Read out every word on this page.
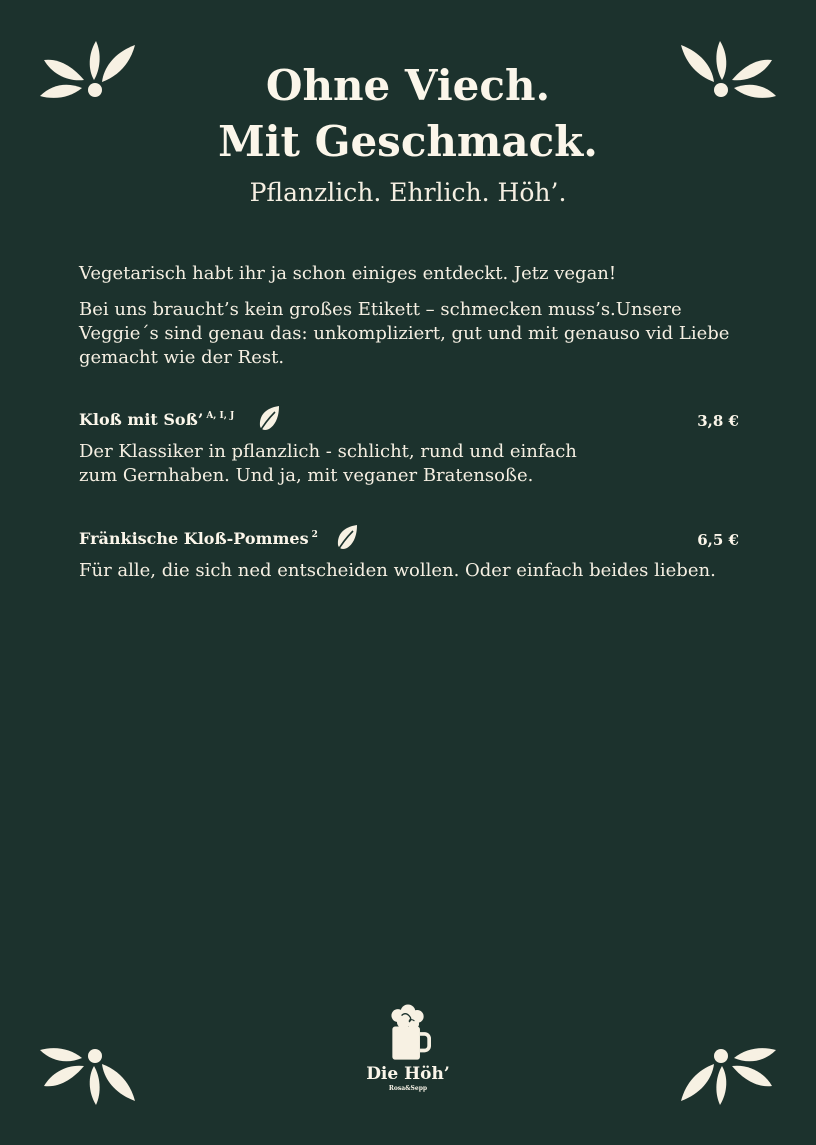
Ohne Viech.
Mit Geschmack.

Pflanzlich. Ehrlich. Höh’.

Vegetarisch habt ihr ja schon einiges entdeckt. Jetz vegan!

Bei uns braucht’s kein großes Etikett – schmecken muss’s.Unsere Veggie´s sind genau das: unkompliziert, gut und mit genauso vid Liebe gemacht wie der Rest.

Kloß mit Soß’ $^{A, I, J}$	3,8 €

Der Klassiker in pflanzlich - schlicht, rund und einfach zum Gernhaben. Und ja, mit veganer Bratensoße.

Fränkische Kloß-Pommes $^2$	6,5 €

Für alle, die sich ned entscheiden wollen. Oder einfach beides lieben.

Die Höh’
Rosa&Sepp
